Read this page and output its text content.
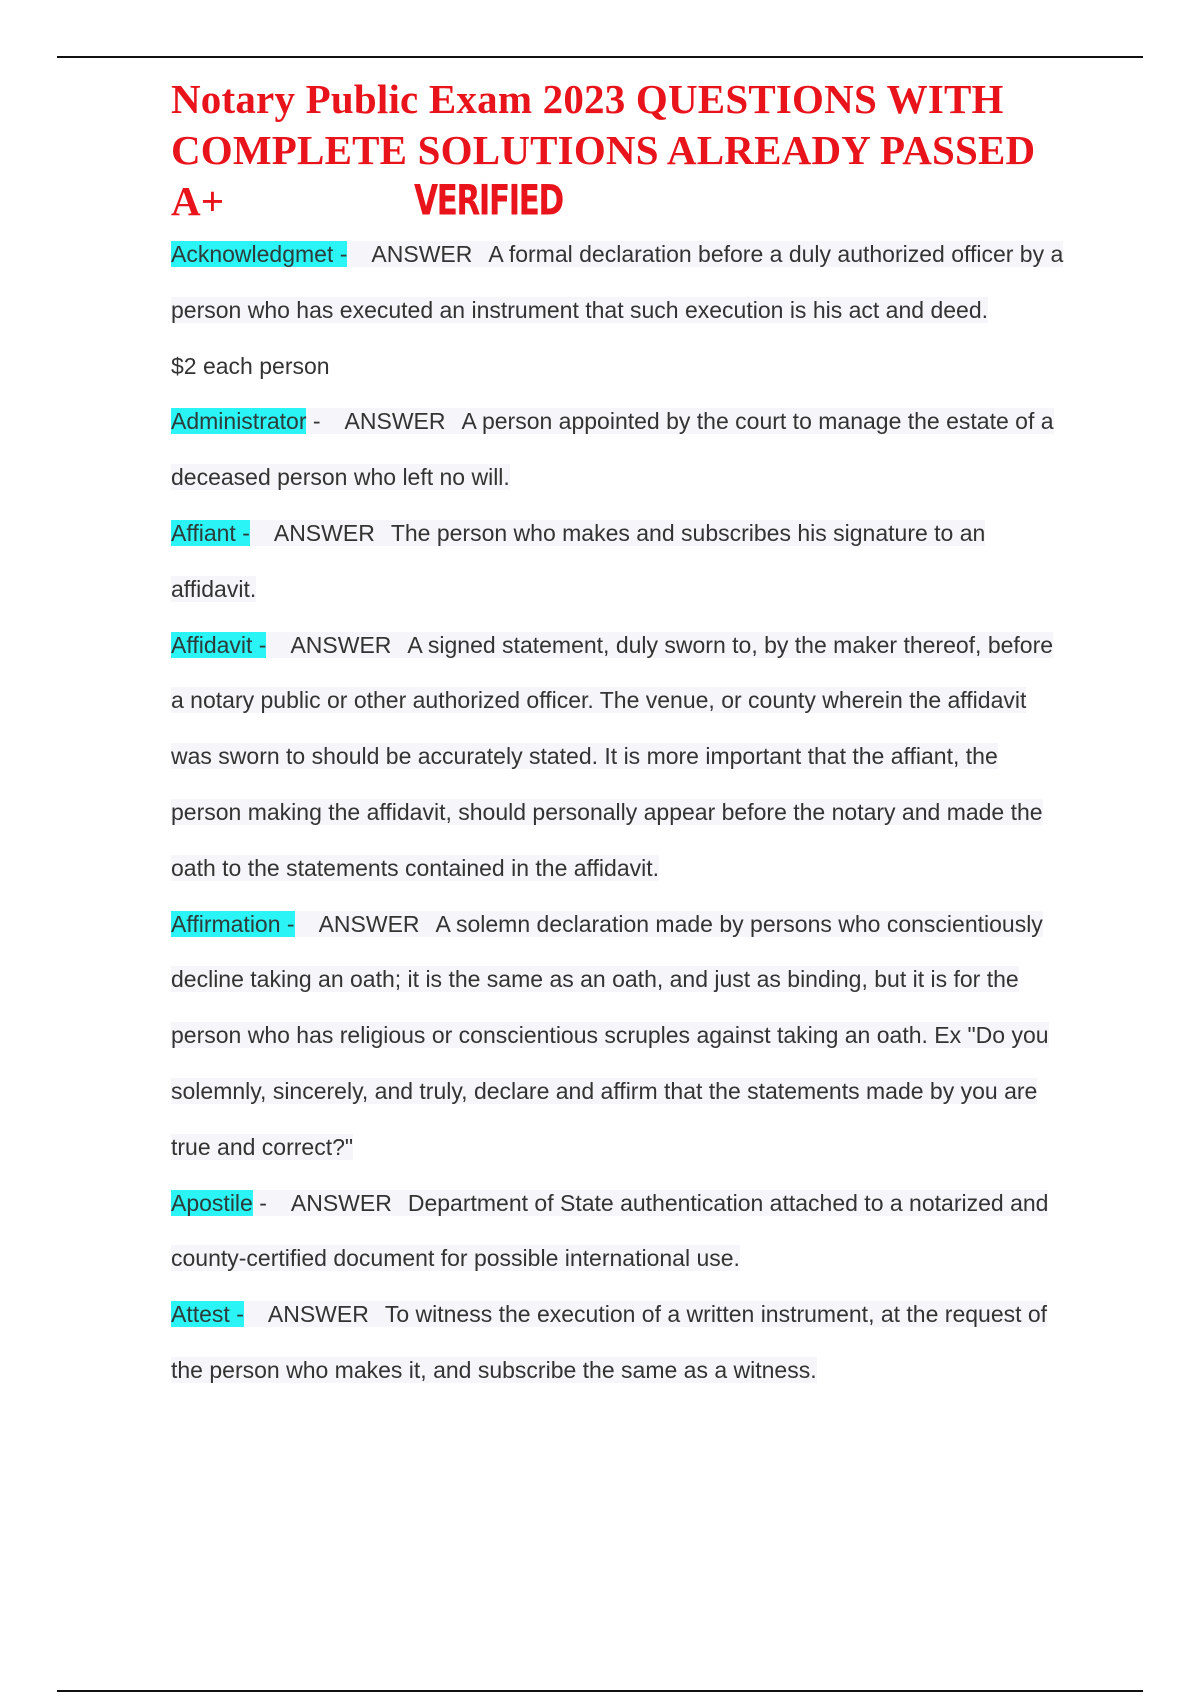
Notary Public Exam 2023 QUESTIONS WITH COMPLETE SOLUTIONS ALREADY PASSED A+	VERIFIED

Acknowledgmet - ANSWER A formal declaration before a duly authorized officer by a person who has executed an instrument that such execution is his act and deed.

$2 each person

Administrator - ANSWER A person appointed by the court to manage the estate of a deceased person who left no will.

Affiant - ANSWER The person who makes and subscribes his signature to an affidavit.

Affidavit - ANSWER A signed statement, duly sworn to, by the maker thereof, before a notary public or other authorized officer. The venue, or county wherein the affidavit was sworn to should be accurately stated. It is more important that the affiant, the person making the affidavit, should personally appear before the notary and made the oath to the statements contained in the affidavit.

Affirmation - ANSWER A solemn declaration made by persons who conscientiously decline taking an oath; it is the same as an oath, and just as binding, but it is for the person who has religious or conscientious scruples against taking an oath. Ex "Do you solemnly, sincerely, and truly, declare and affirm that the statements made by you are true and correct?"

Apostile - ANSWER Department of State authentication attached to a notarized and county-certified document for possible international use.

Attest - ANSWER To witness the execution of a written instrument, at the request of the person who makes it, and subscribe the same as a witness.
